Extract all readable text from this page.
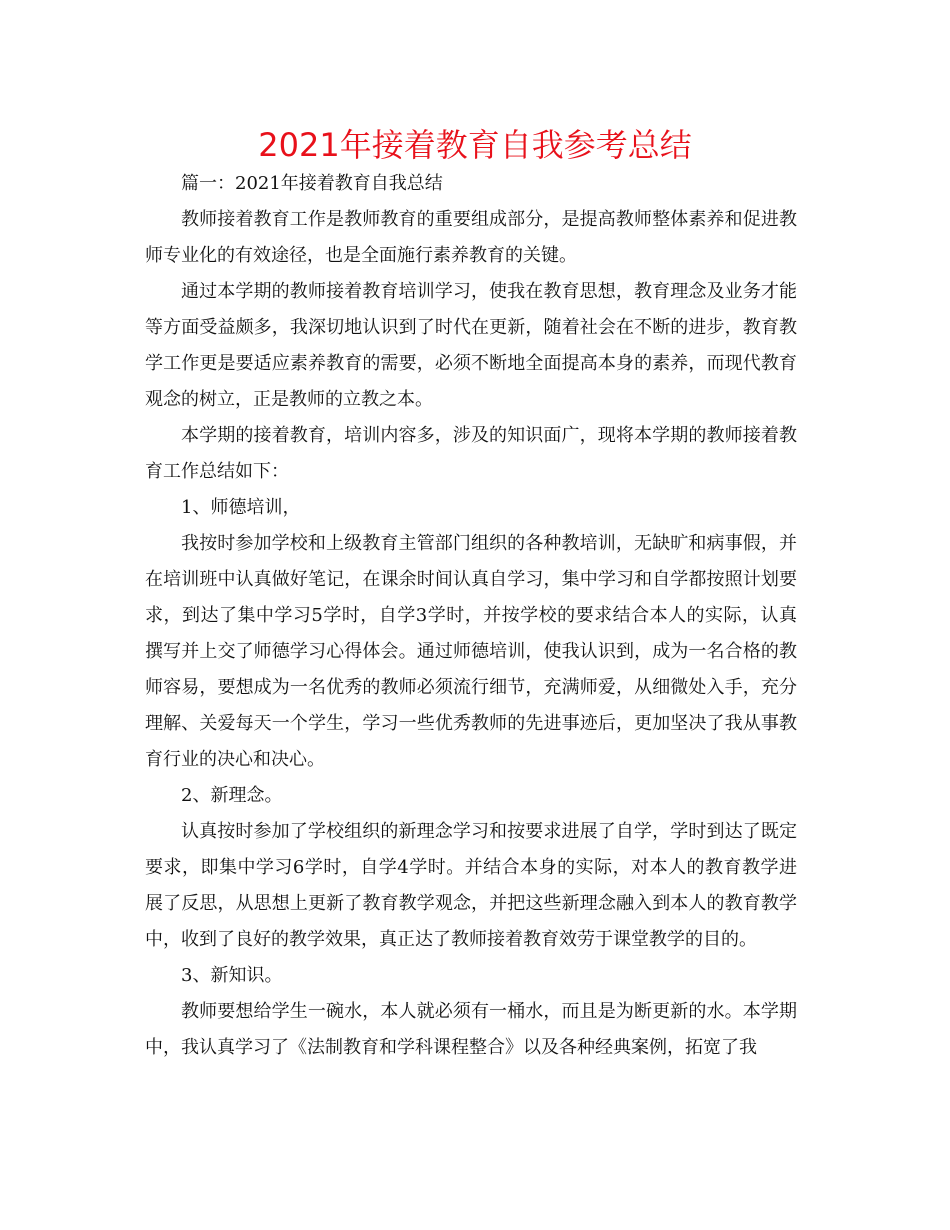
2021年接着教育自我参考总结

篇一：2021年接着教育自我总结

教师接着教育工作是教师教育的重要组成部分，是提高教师整体素养和促进教师专业化的有效途径，也是全面施行素养教育的关键。

通过本学期的教师接着教育培训学习，使我在教育思想，教育理念及业务才能等方面受益颇多，我深切地认识到了时代在更新，随着社会在不断的进步，教育教学工作更是要适应素养教育的需要，必须不断地全面提高本身的素养，而现代教育观念的树立，正是教师的立教之本。

本学期的接着教育，培训内容多，涉及的知识面广，现将本学期的教师接着教育工作总结如下：

1、师德培训，

我按时参加学校和上级教育主管部门组织的各种教培训，无缺旷和病事假，并在培训班中认真做好笔记，在课余时间认真自学习，集中学习和自学都按照计划要求，到达了集中学习5学时，自学3学时，并按学校的要求结合本人的实际，认真撰写并上交了师德学习心得体会。通过师德培训，使我认识到，成为一名合格的教师容易，要想成为一名优秀的教师必须流行细节，充满师爱，从细微处入手，充分理解、关爱每天一个学生，学习一些优秀教师的先进事迹后，更加坚决了我从事教育行业的决心和决心。

2、新理念。

认真按时参加了学校组织的新理念学习和按要求进展了自学，学时到达了既定要求，即集中学习6学时，自学4学时。并结合本身的实际，对本人的教育教学进展了反思，从思想上更新了教育教学观念，并把这些新理念融入到本人的教育教学中，收到了良好的教学效果，真正达了教师接着教育效劳于课堂教学的目的。

3、新知识。

教师要想给学生一碗水，本人就必须有一桶水，而且是为断更新的水。本学期中，我认真学习了《法制教育和学科课程整合》以及各种经典案例，拓宽了我
